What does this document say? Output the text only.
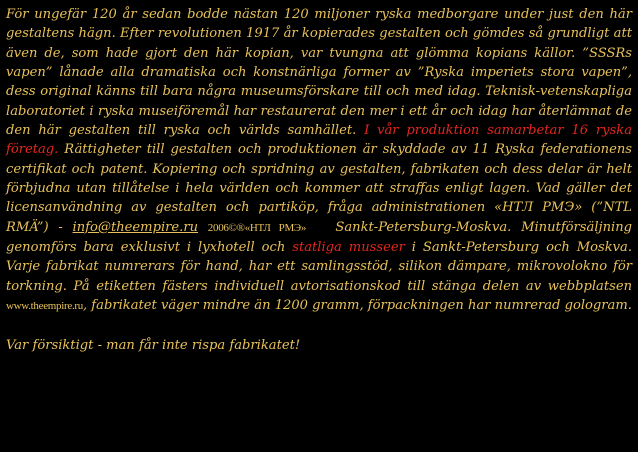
För ungefär 120 år sedan bodde nästan 120 miljoner ryska medborgare under just den här gestaltens hägn. Efter revolutionen 1917 år kopierades gestalten och gömdes så grundligt att även de, som hade gjort den här kopian, var tvungna att glömma kopians källor. ”SSSRs vapen” lånade alla dramatiska och konstnärliga former av ”Ryska imperiets stora vapen”, dess original känns till bara några museumsförskare till och med idag. Teknisk-vetenskapliga laboratoriet i ryska museiföremål har restaurerat den mer i ett år och idag har återlämnat de den här gestalten till ryska och världs samhället. I vår produktion samarbetar 16 ryska företag. Rättigheter till gestalten och produktionen är skyddade av 11 Ryska federationens certifikat och patent. Kopiering och spridning av gestalten, fabrikaten och dess delar är helt förbjudna utan tillåtelse i hela världen och kommer att straffas enligt lagen. Vad gäller det licensanvändning av gestalten och partiköp, fråga administrationen «НТЛ РМЭ» (”NTL RMÄ”) - info@theempire.ru 2006©®«НТЛ РМЭ» Sankt-Petersburg-Moskva. Minutförsäljning genomförs bara exklusivt i lyxhotell och statliga musseer i Sankt-Petersburg och Moskva. Varje fabrikat numrerars för hand, har ett samlingsstöd, silikon dämpare, mikrovolokno för torkning. På etiketten fästers individuell avtorisationskod till stänga delen av webbplatsen www.theempire.ru, fabrikatet väger mindre än 1200 gramm, förpackningen har numrerad gologram.

Var försiktigt - man får inte rispa fabrikatet!
